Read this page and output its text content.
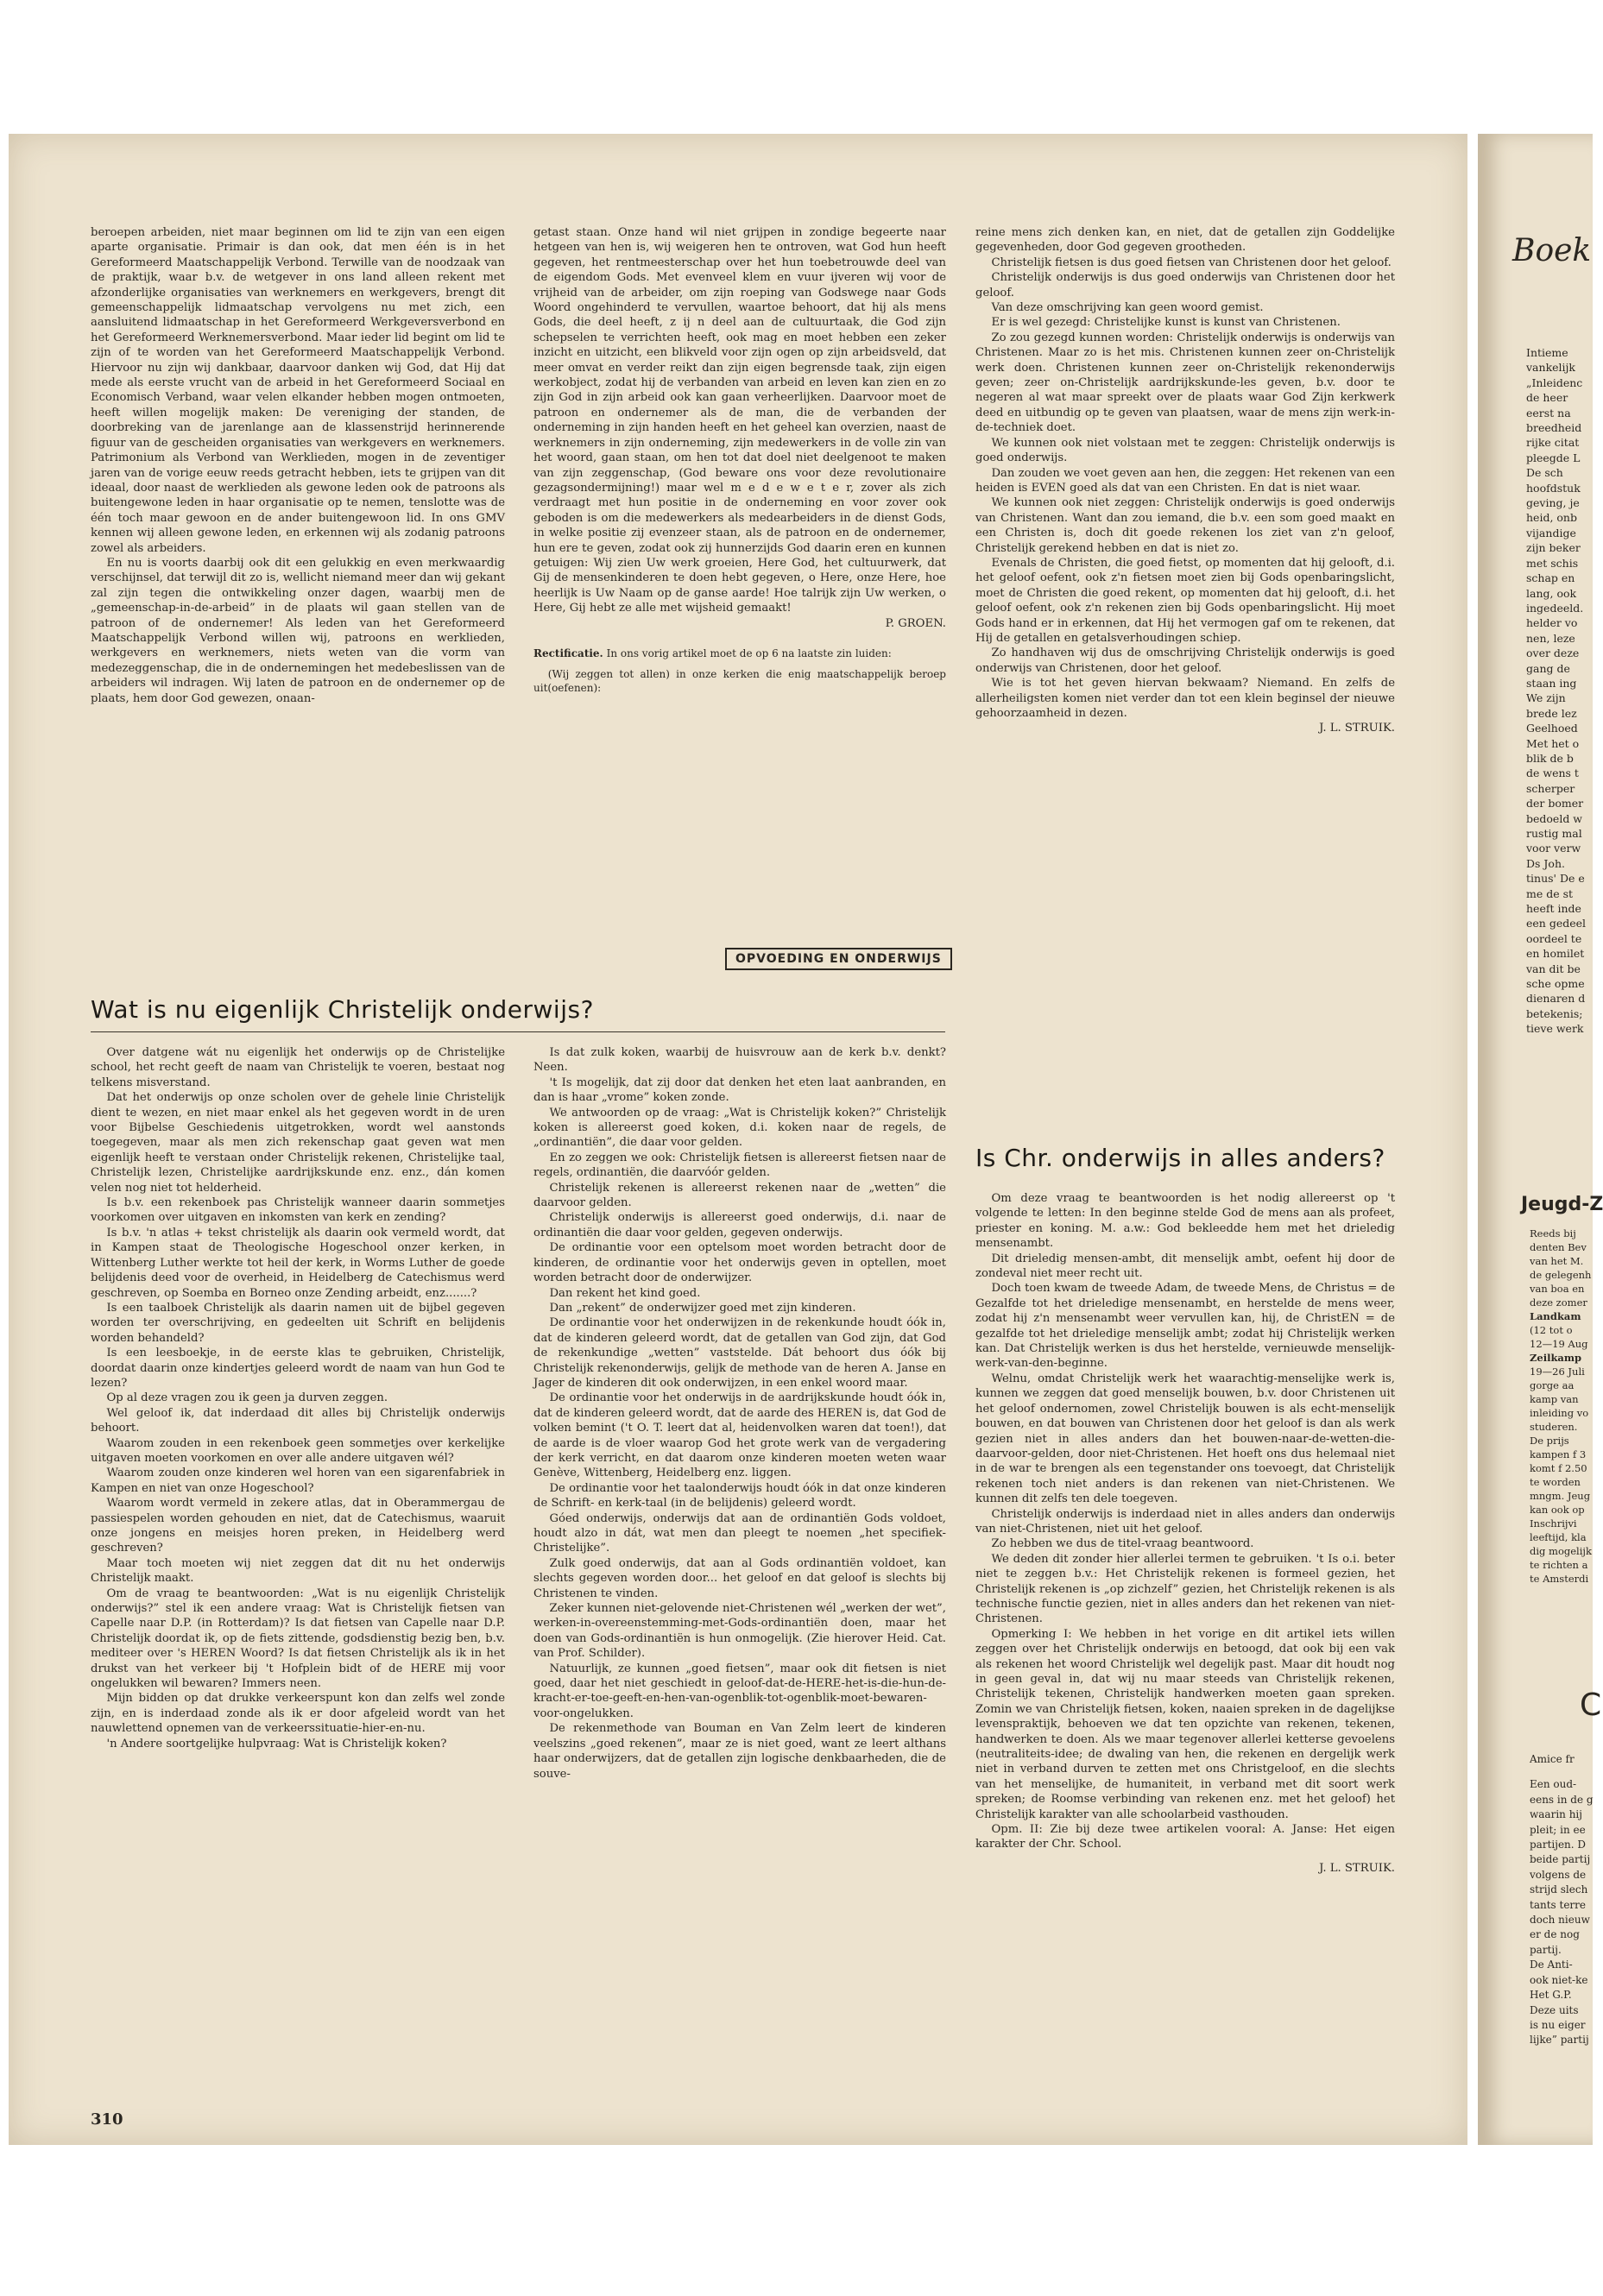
beroepen arbeiden, niet maar beginnen om lid te zijn van een eigen aparte organisatie. Primair is dan ook, dat men één is in het Gereformeerd Maatschappelijk Verbond. Terwille van de noodzaak van de praktijk, waar b.v. de wetgever in ons land alleen rekent met afzonderlijke organisaties van werknemers en werkgevers, brengt dit gemeenschappelijk lidmaatschap vervolgens nu met zich, een aansluitend lidmaatschap in het Gereformeerd Werkgeversverbond en het Gereformeerd Werknemersverbond. Maar ieder lid begint om lid te zijn of te worden van het Gereformeerd Maatschappelijk Verbond. Hiervoor nu zijn wij dankbaar, daarvoor danken wij God, dat Hij dat mede als eerste vrucht van de arbeid in het Gereformeerd Sociaal en Economisch Verband, waar velen elkander hebben mogen ontmoeten, heeft willen mogelijk maken: De vereniging der standen, de doorbreking van de jarenlange aan de klassenstrijd herinnerende figuur van de gescheiden organisaties van werkgevers en werknemers. Patrimonium als Verbond van Werklieden, mogen in de zeventiger jaren van de vorige eeuw reeds getracht hebben, iets te grijpen van dit ideaal, door naast de werklieden als gewone leden ook de patroons als buitengewone leden in haar organisatie op te nemen, tenslotte was de één toch maar gewoon en de ander buitengewoon lid. In ons GMV kennen wij alleen gewone leden, en erkennen wij als zodanig patroons zowel als arbeiders.

En nu is voorts daarbij ook dit een gelukkig en even merkwaardig verschijnsel, dat terwijl dit zo is, wellicht niemand meer dan wij gekant zal zijn tegen die ontwikkeling onzer dagen, waarbij men de „gemeenschap-in-de-arbeid” in de plaats wil gaan stellen van de patroon of de ondernemer! Als leden van het Gereformeerd Maatschappelijk Verbond willen wij, patroons en werklieden, werkgevers en werknemers, niets weten van die vorm van medezeggenschap, die in de ondernemingen het medebeslissen van de arbeiders wil indragen. Wij laten de patroon en de ondernemer op de plaats, hem door God gewezen, onaan-

getast staan. Onze hand wil niet grijpen in zondige begeerte naar hetgeen van hen is, wij weigeren hen te ontroven, wat God hun heeft gegeven, het rentmeesterschap over het hun toebetrouwde deel van de eigendom Gods. Met evenveel klem en vuur ijveren wij voor de vrijheid van de arbeider, om zijn roeping van Godswege naar Gods Woord ongehinderd te vervullen, waartoe behoort, dat hij als mens Gods, die deel heeft, z ij n deel aan de cultuurtaak, die God zijn schepselen te verrichten heeft, ook mag en moet hebben een zeker inzicht en uitzicht, een blikveld voor zijn ogen op zijn arbeidsveld, dat meer omvat en verder reikt dan zijn eigen begrensde taak, zijn eigen werkobject, zodat hij de verbanden van arbeid en leven kan zien en zo zijn God in zijn arbeid ook kan gaan verheerlijken. Daarvoor moet de patroon en ondernemer als de man, die de verbanden der onderneming in zijn handen heeft en het geheel kan overzien, naast de werknemers in zijn onderneming, zijn medewerkers in de volle zin van het woord, gaan staan, om hen tot dat doel niet deelgenoot te maken van zijn zeggenschap, (God beware ons voor deze revolutionaire gezagsondermijning!) maar wel m e d e w e t e r, zover als zich verdraagt met hun positie in de onderneming en voor zover ook geboden is om die medewerkers als medearbeiders in de dienst Gods, in welke positie zij evenzeer staan, als de patroon en de ondernemer, hun ere te geven, zodat ook zij hunnerzijds God daarin eren en kunnen getuigen: Wij zien Uw werk groeien, Here God, het cultuurwerk, dat Gij de mensenkinderen te doen hebt gegeven, o Here, onze Here, hoe heerlijk is Uw Naam op de ganse aarde! Hoe talrijk zijn Uw werken, o Here, Gij hebt ze alle met wijsheid gemaakt!

P. GROEN.

Rectificatie. In ons vorig artikel moet de op 6 na laatste zin luiden:

(Wij zeggen tot allen) in onze kerken die enig maatschappelijk beroep uit(oefenen):

reine mens zich denken kan, en niet, dat de getallen zijn Goddelijke gegevenheden, door God gegeven grootheden.

Christelijk fietsen is dus goed fietsen van Christenen door het geloof.

Christelijk onderwijs is dus goed onderwijs van Christenen door het geloof.

Van deze omschrijving kan geen woord gemist.

Er is wel gezegd: Christelijke kunst is kunst van Christenen.

Zo zou gezegd kunnen worden: Christelijk onderwijs is onderwijs van Christenen. Maar zo is het mis. Christenen kunnen zeer on-Christelijk werk doen. Christenen kunnen zeer on-Christelijk rekenonderwijs geven; zeer on-Christelijk aardrijkskunde-les geven, b.v. door te negeren al wat maar spreekt over de plaats waar God Zijn kerkwerk deed en uitbundig op te geven van plaatsen, waar de mens zijn werk-in-de-techniek doet.

We kunnen ook niet volstaan met te zeggen: Christelijk onderwijs is goed onderwijs.

Dan zouden we voet geven aan hen, die zeggen: Het rekenen van een heiden is EVEN goed als dat van een Christen. En dat is niet waar.

We kunnen ook niet zeggen: Christelijk onderwijs is goed onderwijs van Christenen. Want dan zou iemand, die b.v. een som goed maakt en een Christen is, doch dit goede rekenen los ziet van z'n geloof, Christelijk gerekend hebben en dat is niet zo.

Evenals de Christen, die goed fietst, op momenten dat hij gelooft, d.i. het geloof oefent, ook z'n fietsen moet zien bij Gods openbaringslicht, moet de Christen die goed rekent, op momenten dat hij gelooft, d.i. het geloof oefent, ook z'n rekenen zien bij Gods openbaringslicht. Hij moet Gods hand er in erkennen, dat Hij het vermogen gaf om te rekenen, dat Hij de getallen en getalsverhoudingen schiep.

Zo handhaven wij dus de omschrijving Christelijk onderwijs is goed onderwijs van Christenen, door het geloof.

Wie is tot het geven hiervan bekwaam? Niemand. En zelfs de allerheiligsten komen niet verder dan tot een klein beginsel der nieuwe gehoorzaamheid in dezen.

J. L. STRUIK.

Wat is nu eigenlijk Christelijk onderwijs?
OPVOEDING EN ONDERWIJS

Over datgene wát nu eigenlijk het onderwijs op de Christelijke school, het recht geeft de naam van Christelijk te voeren, bestaat nog telkens misverstand.

Dat het onderwijs op onze scholen over de gehele linie Christelijk dient te wezen, en niet maar enkel als het gegeven wordt in de uren voor Bijbelse Geschiedenis uitgetrokken, wordt wel aanstonds toegegeven, maar als men zich rekenschap gaat geven wat men eigenlijk heeft te verstaan onder Christelijk rekenen, Christelijke taal, Christelijk lezen, Christelijke aardrijkskunde enz. enz., dán komen velen nog niet tot helderheid.

Is b.v. een rekenboek pas Christelijk wanneer daarin sommetjes voorkomen over uitgaven en inkomsten van kerk en zending?

Is b.v. 'n atlas + tekst christelijk als daarin ook vermeld wordt, dat in Kampen staat de Theologische Hogeschool onzer kerken, in Wittenberg Luther werkte tot heil der kerk, in Worms Luther de goede belijdenis deed voor de overheid, in Heidelberg de Catechismus werd geschreven, op Soemba en Borneo onze Zending arbeidt, enz.......?

Is een taalboek Christelijk als daarin namen uit de bijbel gegeven worden ter overschrijving, en gedeelten uit Schrift en belijdenis worden behandeld?

Is een leesboekje, in de eerste klas te gebruiken, Christelijk, doordat daarin onze kindertjes geleerd wordt de naam van hun God te lezen?

Op al deze vragen zou ik geen ja durven zeggen.

Wel geloof ik, dat inderdaad dit alles bij Christelijk onderwijs behoort.

Waarom zouden in een rekenboek geen sommetjes over kerkelijke uitgaven moeten voorkomen en over alle andere uitgaven wél?

Waarom zouden onze kinderen wel horen van een sigarenfabriek in Kampen en niet van onze Hogeschool?

Waarom wordt vermeld in zekere atlas, dat in Oberammergau de passiespelen worden gehouden en niet, dat de Catechismus, waaruit onze jongens en meisjes horen preken, in Heidelberg werd geschreven?

Maar toch moeten wij niet zeggen dat dit nu het onderwijs Christelijk maakt.

Om de vraag te beantwoorden: „Wat is nu eigenlijk Christelijk onderwijs?” stel ik een andere vraag: Wat is Christelijk fietsen van Capelle naar D.P. (in Rotterdam)? Is dat fietsen van Capelle naar D.P. Christelijk doordat ik, op de fiets zittende, godsdienstig bezig ben, b.v. mediteer over 's HEREN Woord? Is dat fietsen Christelijk als ik in het drukst van het verkeer bij 't Hofplein bidt of de HERE mij voor ongelukken wil bewaren? Immers neen.

Mijn bidden op dat drukke verkeerspunt kon dan zelfs wel zonde zijn, en is inderdaad zonde als ik er door afgeleid wordt van het nauwlettend opnemen van de verkeerssituatie-hier-en-nu.

'n Andere soortgelijke hulpvraag: Wat is Christelijk koken?

Is dat zulk koken, waarbij de huisvrouw aan de kerk b.v. denkt? Neen.

't Is mogelijk, dat zij door dat denken het eten laat aanbranden, en dan is haar „vrome” koken zonde.

We antwoorden op de vraag: „Wat is Christelijk koken?” Christelijk koken is allereerst goed koken, d.i. koken naar de regels, de „ordinantiën”, die daar voor gelden.

En zo zeggen we ook: Christelijk fietsen is allereerst fietsen naar de regels, ordinantiën, die daarvóór gelden.

Christelijk rekenen is allereerst rekenen naar de „wetten” die daarvoor gelden.

Christelijk onderwijs is allereerst goed onderwijs, d.i. naar de ordinantiën die daar voor gelden, gegeven onderwijs.

De ordinantie voor een optelsom moet worden betracht door de kinderen, de ordinantie voor het onderwijs geven in optellen, moet worden betracht door de onderwijzer.

Dan rekent het kind goed.

Dan „rekent” de onderwijzer goed met zijn kinderen.

De ordinantie voor het onderwijzen in de rekenkunde houdt óók in, dat de kinderen geleerd wordt, dat de getallen van God zijn, dat God de rekenkundige „wetten” vaststelde. Dát behoort dus óók bij Christelijk rekenonderwijs, gelijk de methode van de heren A. Janse en Jager de kinderen dit ook onderwijzen, in een enkel woord maar.

De ordinantie voor het onderwijs in de aardrijkskunde houdt óók in, dat de kinderen geleerd wordt, dat de aarde des HEREN is, dat God de volken bemint ('t O. T. leert dat al, heidenvolken waren dat toen!), dat de aarde is de vloer waarop God het grote werk van de vergadering der kerk verricht, en dat daarom onze kinderen moeten weten waar Genève, Wittenberg, Heidelberg enz. liggen.

De ordinantie voor het taalonderwijs houdt óók in dat onze kinderen de Schrift- en kerk-taal (in de belijdenis) geleerd wordt.

Góed onderwijs, onderwijs dat aan de ordinantiën Gods voldoet, houdt alzo in dát, wat men dan pleegt te noemen „het specifiek-Christelijke”.

Zulk goed onderwijs, dat aan al Gods ordinantiën voldoet, kan slechts gegeven worden door... het geloof en dat geloof is slechts bij Christenen te vinden.

Zeker kunnen niet-gelovende niet-Christenen wél „werken der wet”, werken-in-overeenstemming-met-Gods-ordinantiën doen, maar het doen van Gods-ordinantiën is hun onmogelijk. (Zie hierover Heid. Cat. van Prof. Schilder).

Natuurlijk, ze kunnen „goed fietsen”, maar ook dit fietsen is niet goed, daar het niet geschiedt in geloof-dat-de-HERE-het-is-die-hun-de-kracht-er-toe-geeft-en-hen-van-ogenblik-tot-ogenblik-moet-bewaren-voor-ongelukken.

De rekenmethode van Bouman en Van Zelm leert de kinderen veelszins „goed rekenen”, maar ze is niet goed, want ze leert althans haar onderwijzers, dat de getallen zijn logische denkbaarheden, die de souve-

Is Chr. onderwijs in alles anders?

Om deze vraag te beantwoorden is het nodig allereerst op 't volgende te letten: In den beginne stelde God de mens aan als profeet, priester en koning. M. a.w.: God bekleedde hem met het drieledig mensenambt.

Dit drieledig mensen-ambt, dit menselijk ambt, oefent hij door de zondeval niet meer recht uit.

Doch toen kwam de tweede Adam, de tweede Mens, de Christus = de Gezalfde tot het drieledige mensenambt, en herstelde de mens weer, zodat hij z'n mensenambt weer vervullen kan, hij, de ChristEN = de gezalfde tot het drieledige menselijk ambt; zodat hij Christelijk werken kan. Dat Christelijk werken is dus het herstelde, vernieuwde menselijk-werk-van-den-beginne.

Welnu, omdat Christelijk werk het waarachtig-menselijke werk is, kunnen we zeggen dat goed menselijk bouwen, b.v. door Christenen uit het geloof ondernomen, zowel Christelijk bouwen is als echt-menselijk bouwen, en dat bouwen van Christenen door het geloof is dan als werk gezien niet in alles anders dan het bouwen-naar-de-wetten-die-daarvoor-gelden, door niet-Christenen. Het hoeft ons dus helemaal niet in de war te brengen als een tegenstander ons toevoegt, dat Christelijk rekenen toch niet anders is dan rekenen van niet-Christenen. We kunnen dit zelfs ten dele toegeven.

Christelijk onderwijs is inderdaad niet in alles anders dan onderwijs van niet-Christenen, niet uit het geloof.

Zo hebben we dus de titel-vraag beantwoord.

We deden dit zonder hier allerlei termen te gebruiken. 't Is o.i. beter niet te zeggen b.v.: Het Christelijk rekenen is formeel gezien, het Christelijk rekenen is „op zichzelf” gezien, het Christelijk rekenen is als technische functie gezien, niet in alles anders dan het rekenen van niet-Christenen.

Opmerking I: We hebben in het vorige en dit artikel iets willen zeggen over het Christelijk onderwijs en betoogd, dat ook bij een vak als rekenen het woord Christelijk wel degelijk past. Maar dit houdt nog in geen geval in, dat wij nu maar steeds van Christelijk rekenen, Christelijk tekenen, Christelijk handwerken moeten gaan spreken. Zomin we van Christelijk fietsen, koken, naaien spreken in de dagelijkse levenspraktijk, behoeven we dat ten opzichte van rekenen, tekenen, handwerken te doen. Als we maar tegenover allerlei ketterse gevoelens (neutraliteits-idee; de dwaling van hen, die rekenen en dergelijk werk niet in verband durven te zetten met ons Christgeloof, en die slechts van het menselijke, de humaniteit, in verband met dit soort werk spreken; de Roomse verbinding van rekenen enz. met het geloof) het Christelijk karakter van alle schoolarbeid vasthouden.

Opm. II: Zie bij deze twee artikelen vooral: A. Janse: Het eigen karakter der Chr. School.

J. L. STRUIK.

310
Boek
Intieme
vankelijk
„Inleidenc
de heer
eerst na
breedheid
rijke citat
pleegde L
De sch
hoofdstuk
geving, je
heid, onb
vijandige
zijn beker
met schis
schap en
lang, ook
ingedeeld.
helder vo
nen, leze
over deze
gang de
staan ing
We zijn
brede lez
Geelhoed
Met het o
blik de b
de wens t
scherper
der bomer
bedoeld w
rustig mal
voor verw
Ds Joh.
tinus' De e
me de st
heeft inde
een gedeel
oordeel te
en homilet
van dit be
sche opme
dienaren d
betekenis;
tieve werk
Jeugd-Z
Reeds bij
denten Bev
van het M.
de gelegenh
van boa en
deze zomer
Landkam
(12 tot o
12—19 Aug
Zeilkamp
19—26 Juli
gorge aa
kamp van
inleiding vo
studeren.
De prijs
kampen f 3
komt f 2.50
te worden
mngm. Jeug
kan ook op
Inschrijvi
leeftijd, kla
dig mogelijk
te richten a
te Amsterdi
C
Amice fr
Een oud-
eens in de g
waarin hij
pleit; in ee
partijen. D
beide partij
volgens de
strijd slech
tants terre
doch nieuw
er de nog
partij.
De Anti-
ook niet-ke
Het G.P.
Deze uits
is nu eiger
lijke” partij
